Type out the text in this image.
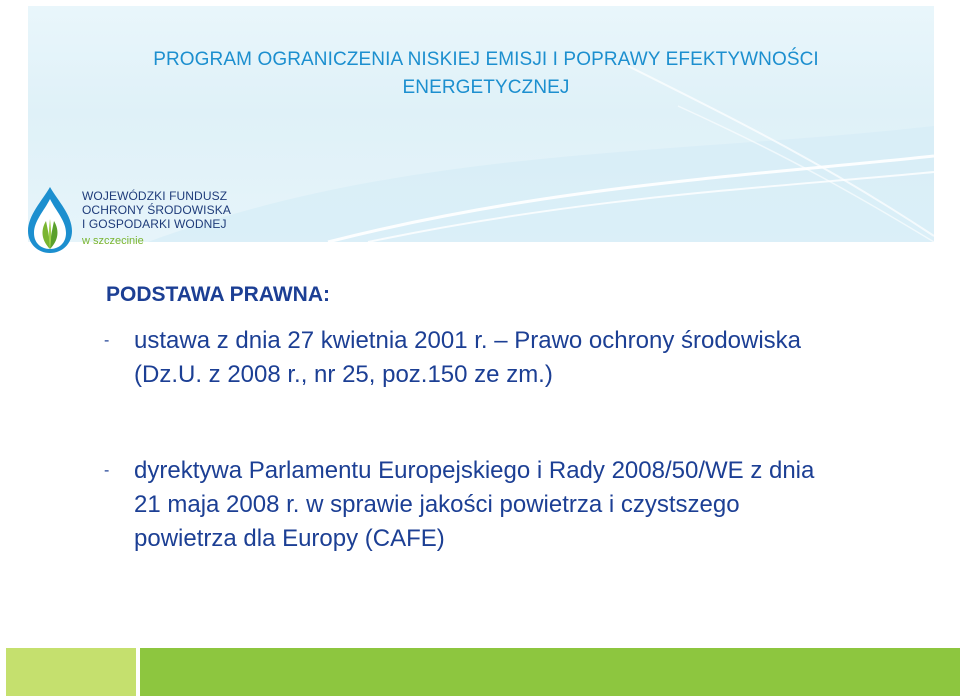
PROGRAM OGRANICZENIA NISKIEJ EMISJI I POPRAWY EFEKTYWNOŚCI ENERGETYCZNEJ
WOJEWÓDZKI FUNDUSZ
OCHRONY ŚRODOWISKA
I GOSPODARKI WODNEJ
w szczecinie
PODSTAWA PRAWNA:
- ustawa z dnia 27 kwietnia 2001 r. – Prawo ochrony środowiska (Dz.U. z 2008 r., nr 25, poz.150 ze zm.)
- dyrektywa Parlamentu Europejskiego i Rady 2008/50/WE z dnia 21 maja 2008 r. w sprawie jakości powietrza i czystszego powietrza dla Europy (CAFE)
